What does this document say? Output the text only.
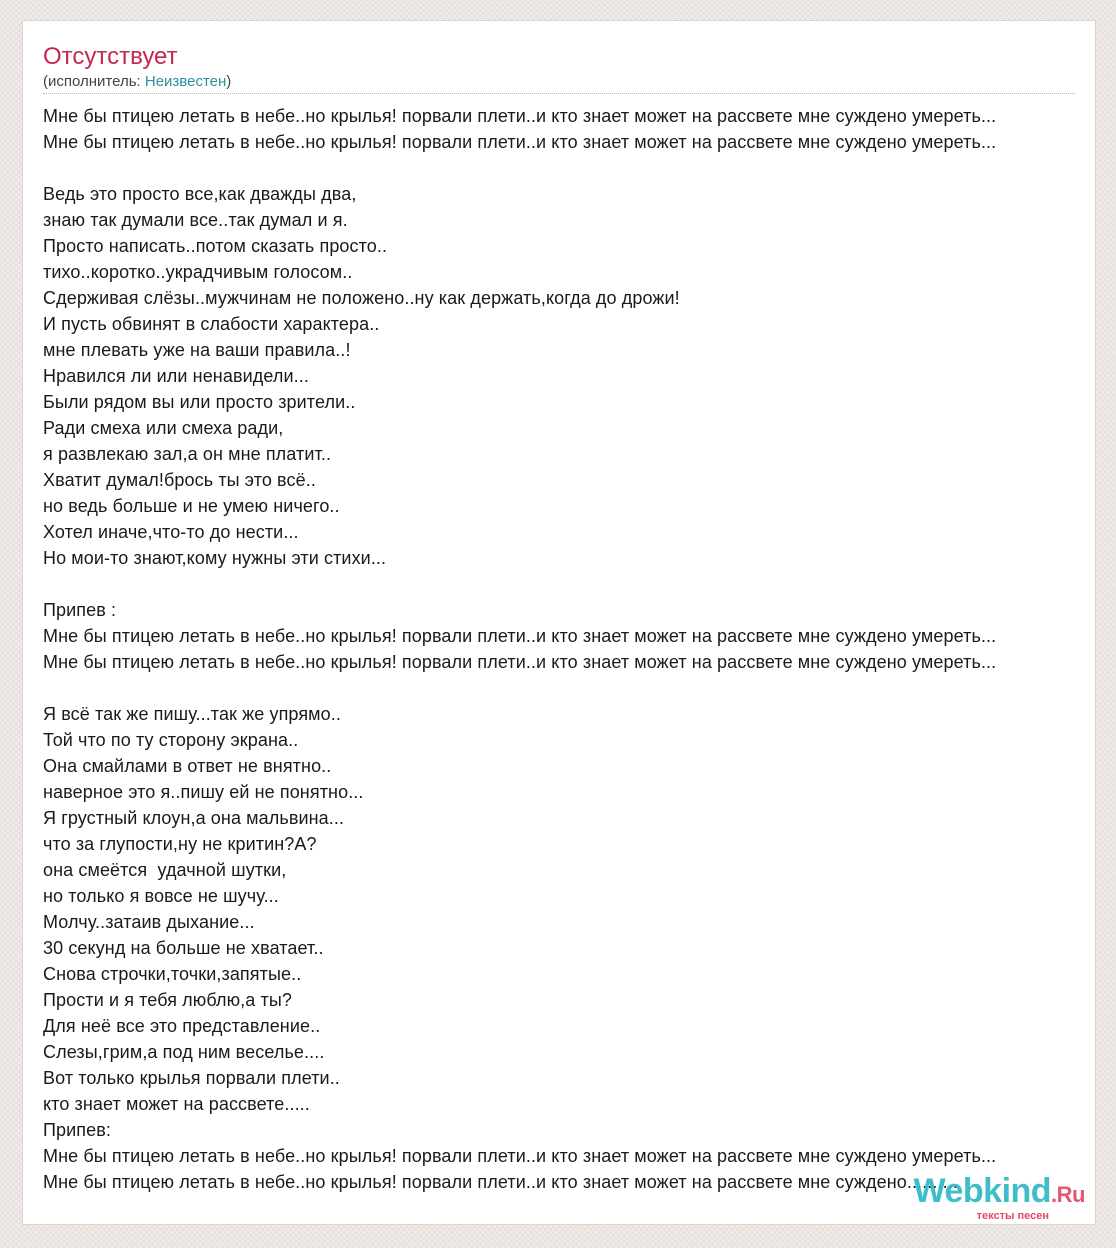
Отсутствует
(исполнитель: Неизвестен)
Мне бы птицею летать в небе..но крылья! порвали плети..и кто знает может на рассвете мне суждено умереть...
Мне бы птицею летать в небе..но крылья! порвали плети..и кто знает может на рассвете мне суждено умереть...
Ведь это просто все,как дважды два,
знаю так думали все..так думал и я.
Просто написать..потом сказать просто..
тихо..коротко..украдчивым голосом..
Сдерживая слёзы..мужчинам не положено..ну как держать,когда до дрожи!
И пусть обвинят в слабости характера..
мне плевать уже на ваши правила..!
Нравился ли или ненавидели...
Были рядом вы или просто зрители..
Ради смеха или смеха ради,
я развлекаю зал,а он мне платит..
Хватит думал!брось ты это всё..
но ведь больше и не умею ничего..
Хотел иначе,что-то до нести...
Но мои-то знают,кому нужны эти стихи...
Припев :
Мне бы птицею летать в небе..но крылья! порвали плети..и кто знает может на рассвете мне суждено умереть...
Мне бы птицею летать в небе..но крылья! порвали плети..и кто знает может на рассвете мне суждено умереть...
Я всё так же пишу...так же упрямо..
Той что по ту сторону экрана..
Она смайлами в ответ не внятно..
наверное это я..пишу ей не понятно...
Я грустный клоун,а она мальвина...
что за глупости,ну не критин?А?
она смеётся  удачной шутки,
но только я вовсе не шучу...
Молчу..затаив дыхание...
30 секунд на больше не хватает..
Снова строчки,точки,запятые..
Прости и я тебя люблю,а ты?
Для неё все это представление..
Слезы,грим,а под ним веселье....
Вот только крылья порвали плети..
кто знает может на рассвете.....
Припев:
Мне бы птицею летать в небе..но крылья! порвали плети..и кто знает может на рассвете мне суждено умереть...
Мне бы птицею летать в небе..но крылья! порвали плети..и кто знает может на рассвете мне суждено..........
Webkind.Ru
тексты песен
